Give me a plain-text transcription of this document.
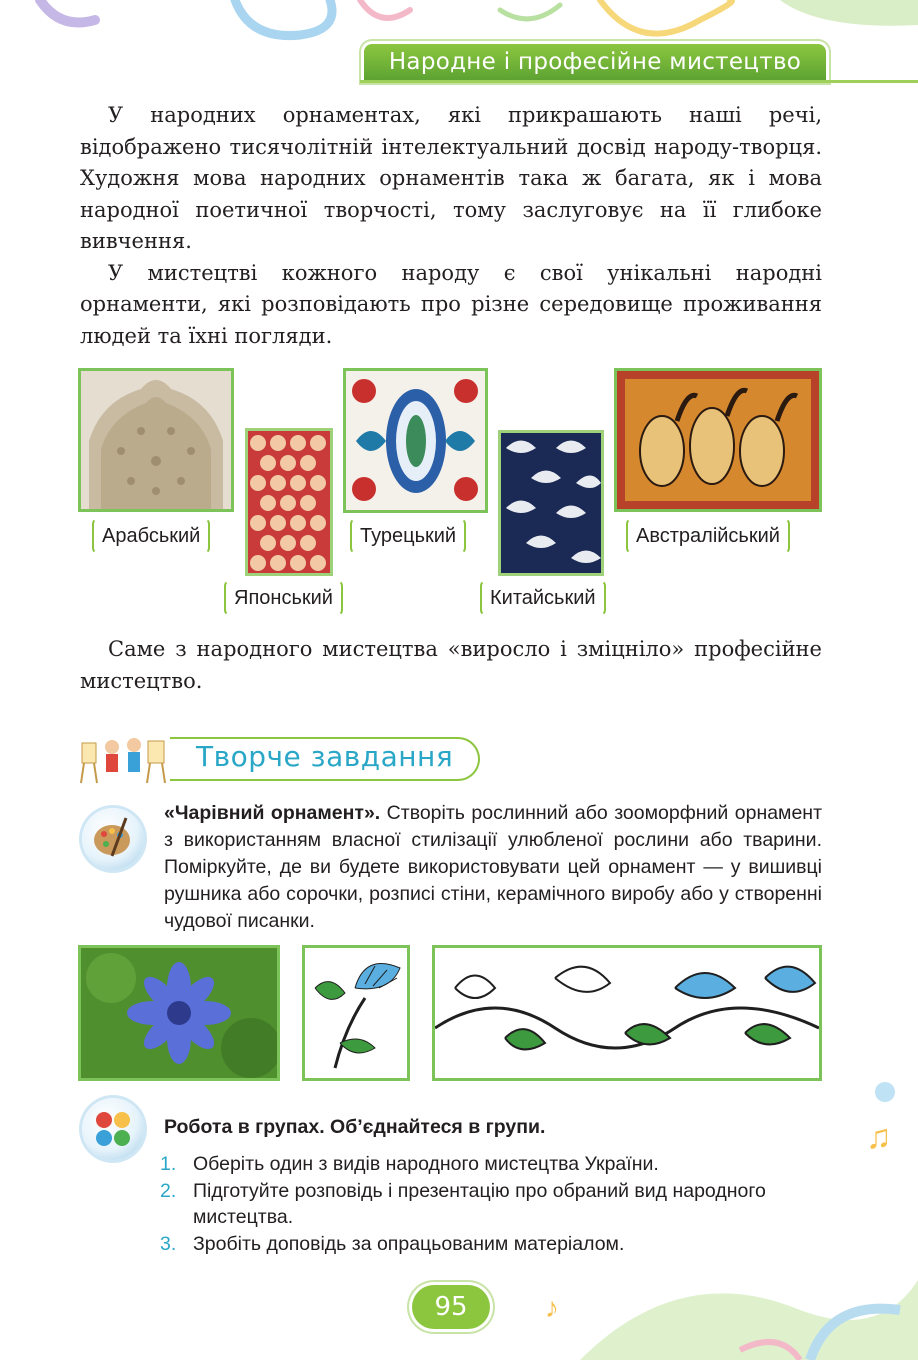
♫
♪
Народне і професійне мистецтво

У народних орнаментах, які прикрашають наші речі, відображено тисячолітній інтелектуальний досвід народу-творця. Художня мова народних орнаментів така ж багата, як і мова народної поетичної творчості, тому заслуговує на її глибоке вивчення.

У мистецтві кожного народу є свої унікальні народні орнаменти, які розповідають про різне середовище проживання людей та їхні погляди.

Арабський
Японський
Турецький
Китайський
Австралійський

Саме з народного мистецтва «виросло і зміцніло» професійне мистецтво.

Творче завдання
«Чарівний орнамент». Створіть рослинний або зооморфний орнамент з використанням власної стилізації улюбленої рослини або тварини. Поміркуйте, де ви будете використовувати цей орнамент — у вишивці рушника або сорочки, розписі стіни, керамічного виробу або у створенні чудової писанки.
Робота в групах. Об’єднайтеся в групи.
1. Оберіть один з видів народного мистецтва України.
2. Підготуйте розповідь і презентацію про обраний вид народного мистецтва.
3. Зробіть доповідь за опрацьованим матеріалом.
95
